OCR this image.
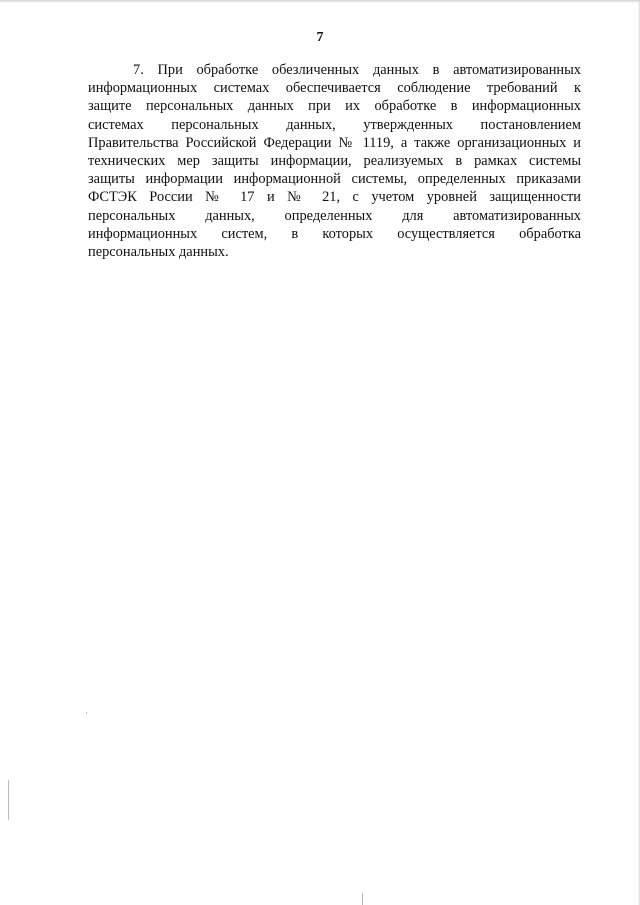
7
7. При обработке обезличенных данных в автоматизированных
информационных системах обеспечивается соблюдение требований к
защите персональных данных при их обработке в информационных
системах персональных данных, утвержденных постановлением
Правительства Российской Федерации № 1119, а также организационных и
технических мер защиты информации, реализуемых в рамках системы
защиты информации информационной системы, определенных приказами
ФСТЭК России № 17 и № 21, с учетом уровней защищенности
персональных данных, определенных для автоматизированных
информационных систем, в которых осуществляется обработка
персональных данных.
